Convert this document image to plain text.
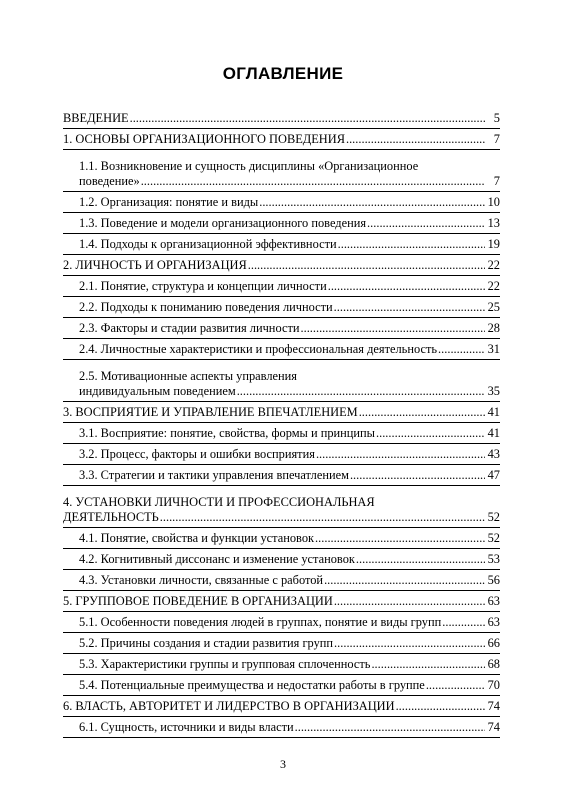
ОГЛАВЛЕНИЕ
ВВЕДЕНИЕ .....	5
1. ОСНОВЫ ОРГАНИЗАЦИОННОГО ПОВЕДЕНИЯ .....	7
1.1. Возникновение и сущность дисциплины «Организационное
поведение» .....	7
1.2. Организация: понятие и виды .....	10
1.3. Поведение и модели организационного поведения .....	13
1.4. Подходы к организационной эффективности .....	19
2. ЛИЧНОСТЬ И ОРГАНИЗАЦИЯ .....	22
2.1. Понятие, структура и концепции личности .....	22
2.2. Подходы к пониманию поведения личности .....	25
2.3. Факторы и стадии развития личности .....	28
2.4. Личностные характеристики и профессиональная деятельность .....	31
2.5. Мотивационные аспекты управления
индивидуальным поведением .....	35
3. ВОСПРИЯТИЕ И УПРАВЛЕНИЕ ВПЕЧАТЛЕНИЕМ .....	41
3.1. Восприятие: понятие, свойства, формы и принципы .....	41
3.2. Процесс, факторы и ошибки восприятия .....	43
3.3. Стратегии и тактики управления впечатлением .....	47
4. УСТАНОВКИ ЛИЧНОСТИ И ПРОФЕССИОНАЛЬНАЯ
ДЕЯТЕЛЬНОСТЬ .....	52
4.1. Понятие, свойства и функции установок .....	52
4.2. Когнитивный диссонанс и изменение установок .....	53
4.3. Установки личности, связанные с работой .....	56
5. ГРУППОВОЕ ПОВЕДЕНИЕ В ОРГАНИЗАЦИИ .....	63
5.1. Особенности поведения людей в группах, понятие и виды групп .....	63
5.2. Причины создания и стадии развития групп .....	66
5.3. Характеристики группы и групповая сплоченность .....	68
5.4. Потенциальные преимущества и недостатки работы в группе .....	70
6. ВЛАСТЬ, АВТОРИТЕТ И ЛИДЕРСТВО В ОРГАНИЗАЦИИ .....	74
6.1. Сущность, источники и виды власти .....	74
3
